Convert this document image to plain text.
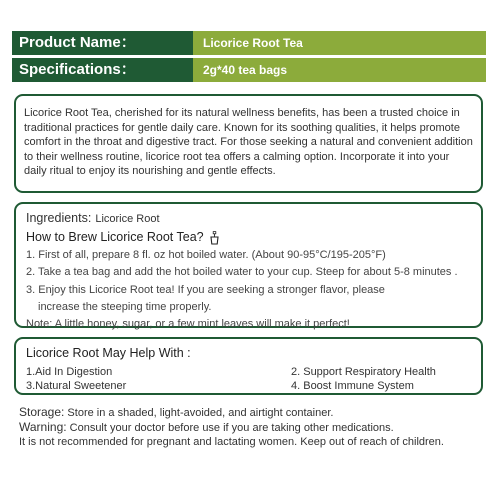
Product Name：	Licorice Root Tea
Specifications：	2g*40 tea bags

Licorice Root Tea, cherished for its natural wellness benefits, has been a trusted choice in traditional practices for gentle daily care. Known for its soothing qualities, it helps promote comfort in the throat and digestive tract. For those seeking a natural and convenient addition to their wellness routine, licorice root tea offers a calming option. Incorporate it into your daily ritual to enjoy its nourishing and gentle effects.

Ingredients: Licorice Root
How to Brew Licorice Root Tea?
1. First of all, prepare 8 fl. oz hot boiled water. (About 90-95°C/195-205°F)
2. Take a tea bag and add the hot boiled water to your cup. Steep for about 5-8 minutes .
3. Enjoy this Licorice Root tea! If you are seeking a stronger flavor, please
increase the steeping time properly.
Note: A little honey, sugar, or a few mint leaves will make it perfect!
Licorice Root May Help With :
1.Aid In Digestion	2. Support Respiratory Health
3.Natural Sweetener	4. Boost Immune System
Storage: Store in a shaded, light-avoided, and airtight container.
Warning: Consult your doctor before use if you are taking other medications.
It is not recommended for pregnant and lactating women. Keep out of reach of children.
